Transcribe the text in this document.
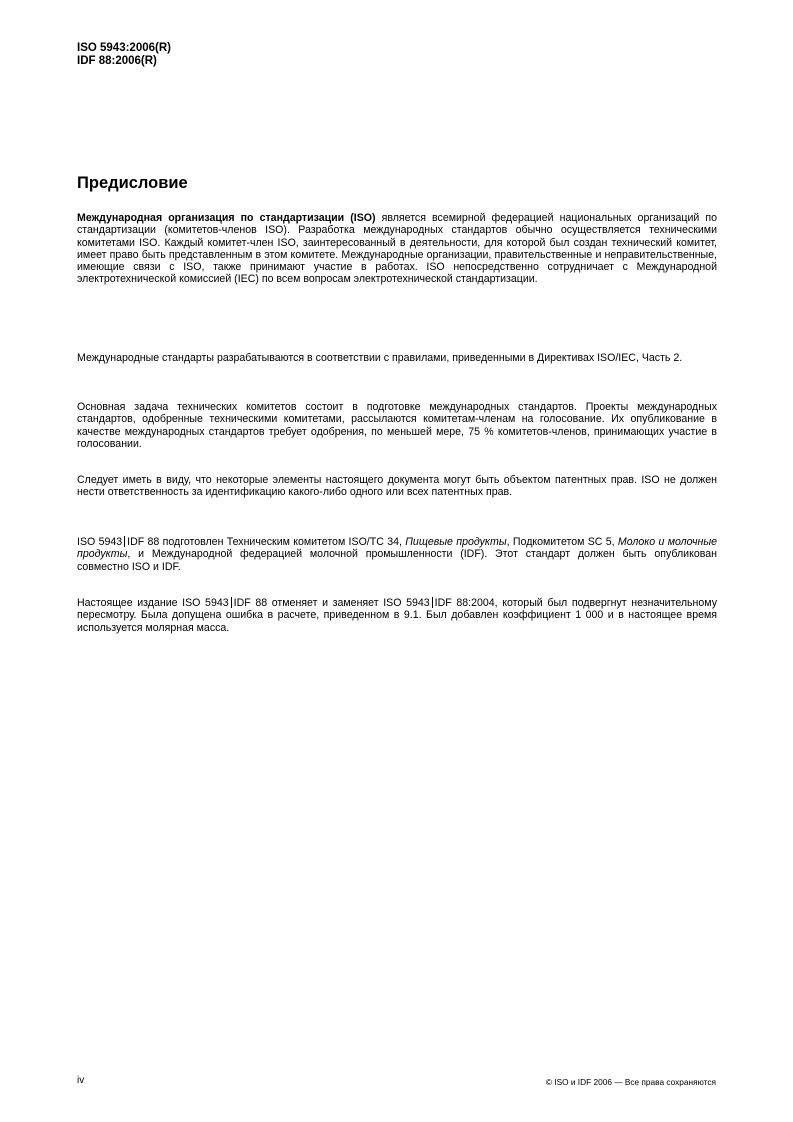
ISO 5943:2006(R)
IDF 88:2006(R)
Предисловие

Международная организация по стандартизации (ISO) является всемирной федерацией национальных организаций по стандартизации (комитетов-членов ISO). Разработка международных стандартов обычно осуществляется техническими комитетами ISO. Каждый комитет-член ISO, заинтересованный в деятельности, для которой был создан технический комитет, имеет право быть представленным в этом комитете. Международные организации, правительственные и неправительственные, имеющие связи с ISO, также принимают участие в работах. ISO непосредственно сотрудничает с Международной электротехнической комиссией (IEC) по всем вопросам электротехнической стандартизации.

Международные стандарты разрабатываются в соответствии с правилами, приведенными в Директивах ISO/IEC, Часть 2.

Основная задача технических комитетов состоит в подготовке международных стандартов. Проекты международных стандартов, одобренные техническими комитетами, рассылаются комитетам-членам на голосование. Их опубликование в качестве международных стандартов требует одобрения, по меньшей мере, 75 % комитетов-членов, принимающих участие в голосовании.

Следует иметь в виду, что некоторые элементы настоящего документа могут быть объектом патентных прав. ISO не должен нести ответственность за идентификацию какого-либо одного или всех патентных прав.

ISO 5943 IDF 88 подготовлен Техническим комитетом ISO/TC 34, Пищевые продукты, Подкомитетом SC 5, Молоко и молочные продукты, и Международной федерацией молочной промышленности (IDF). Этот стандарт должен быть опубликован совместно ISO и IDF.

Настоящее издание ISO 5943 IDF 88 отменяет и заменяет ISO 5943 IDF 88:2004, который был подвергнут незначительному пересмотру. Была допущена ошибка в расчете, приведенном в 9.1. Был добавлен коэффициент 1 000 и в настоящее время используется молярная масса.

iv	© ISO и IDF 2006 — Все права сохраняются
